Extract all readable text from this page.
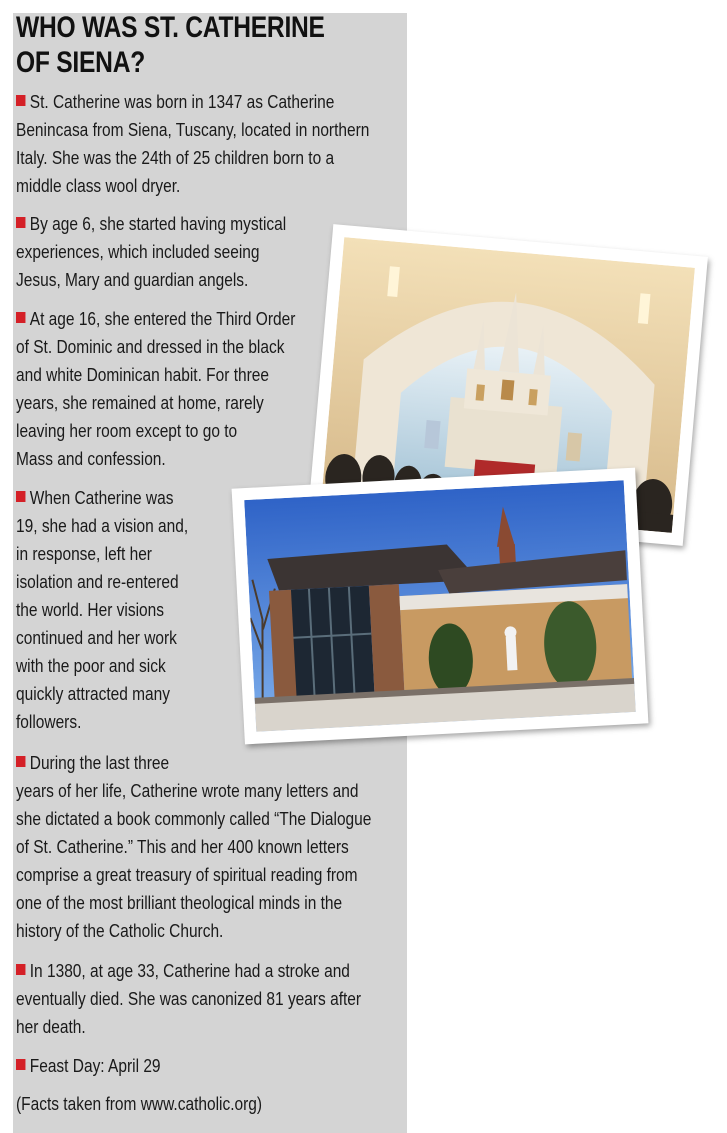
WHO WAS ST. CATHERINE
OF SIENA?

St. Catherine was born in 1347 as Catherine
Benincasa from Siena, Tuscany, located in northern
Italy. She was the 24th of 25 children born to a
middle class wool dryer.

By age 6, she started having mystical
experiences, which included seeing
Jesus, Mary and guardian angels.

At age 16, she entered the Third Order
of St. Dominic and dressed in the black
and white Dominican habit. For three
years, she remained at home, rarely
leaving her room except to go to
Mass and confession.

When Catherine was
19, she had a vision and,
in response, left her
isolation and re-entered
the world. Her visions
continued and her work
with the poor and sick
quickly attracted many
followers.

During the last three
years of her life, Catherine wrote many letters and
she dictated a book commonly called “The Dialogue
of St. Catherine.” This and her 400 known letters
comprise a great treasury of spiritual reading from
one of the most brilliant theological minds in the
history of the Catholic Church.

In 1380, at age 33, Catherine had a stroke and
eventually died. She was canonized 81 years after
her death.

Feast Day: April 29

(Facts taken from www.catholic.org)
